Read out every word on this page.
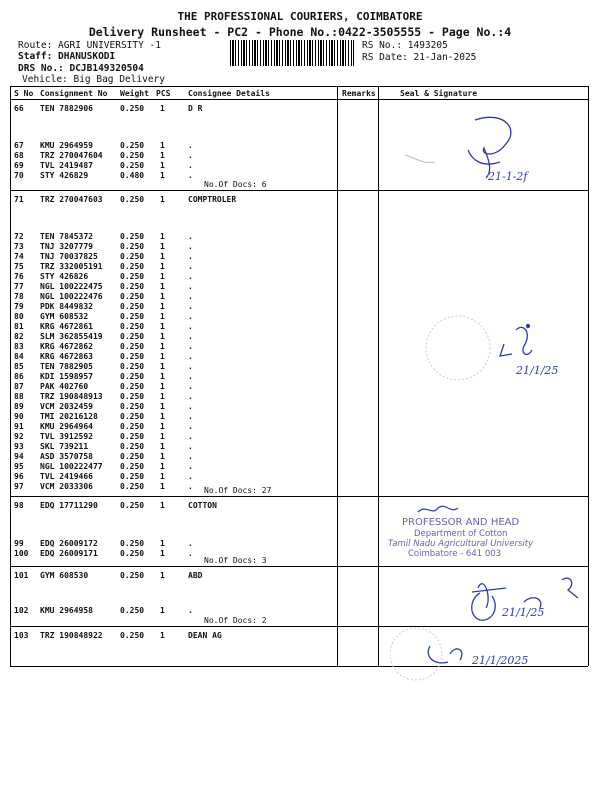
THE PROFESSIONAL COURIERS, COIMBATORE
Delivery Runsheet - PC2 - Phone No.:0422-3505555 - Page No.:4
Route: AGRI UNIVERSITY -1
Staff: DHANUSKODI
DRS No.: DCJB149320504
Vehicle: Big Bag Delivery
RS No.: 1493205
RS Date: 21-Jan-2025
S No Consignment No Weight PCS Consignee Details	Remarks	Seal & Signature
66 TEN 7882906	0.250 1	D R
67 KMU 2964959	0.250 1	.
68 TRZ 270047604 0.250 1	.
69 TVL 2419487	0.250 1	.
70 STY 426829	0.480 1	.
71 TRZ 270047603 0.250 1	COMPTROLER
72 TEN 7845372	0.250 1	.
73 TNJ 3207779	0.250 1	.
74 TNJ 70037825	0.250 1	.
75 TRZ 332005191 0.250 1	.
76 STY 426826	0.250 1	.
77 NGL 100222475 0.250 1	.
78 NGL 100222476 0.250 1	.
79 PDK 8449832	0.250 1	.
80 GYM 608532	0.250 1	.
81 KRG 4672861	0.250 1	.
82 SLM 362855419 0.250 1	.
83 KRG 4672862	0.250 1	.
84 KRG 4672863	0.250 1	.
85 TEN 7882905	0.250 1	.
86 KDI 1598957	0.250 1	.
87 PAK 402760	0.250 1	.
88 TRZ 190848913 0.250 1	.
89 VCM 2032459	0.250 1	.
90 TMI 20216128	0.250 1	.
91 KMU 2964964	0.250 1	.
92 TVL 3912592	0.250 1	.
93 SKL 739211	0.250 1	.
94 ASD 3570758	0.250 1	.
95 NGL 100222477 0.250 1	.
96 TVL 2419466	0.250 1	.
97 VCM 2033306	0.250 1	.
98 EDQ 17711290	0.250 1	COTTON
99 EDQ 26009172	0.250 1	.
100 EDQ 26009171	0.250 1	.
101 GYM 608530	0.250 1	ABD
102 KMU 2964958	0.250 1	.
103 TRZ 190848922 0.250 1	DEAN AG
No.Of Docs: 6
No.Of Docs: 27
No.Of Docs: 3
No.Of Docs: 2
21-1-2f
21/1/25
PROFESSOR AND HEAD
Department of Cotton
Tamil Nadu Agricultural University
Coimbatore - 641 003
21/1/25
21/1/2025
